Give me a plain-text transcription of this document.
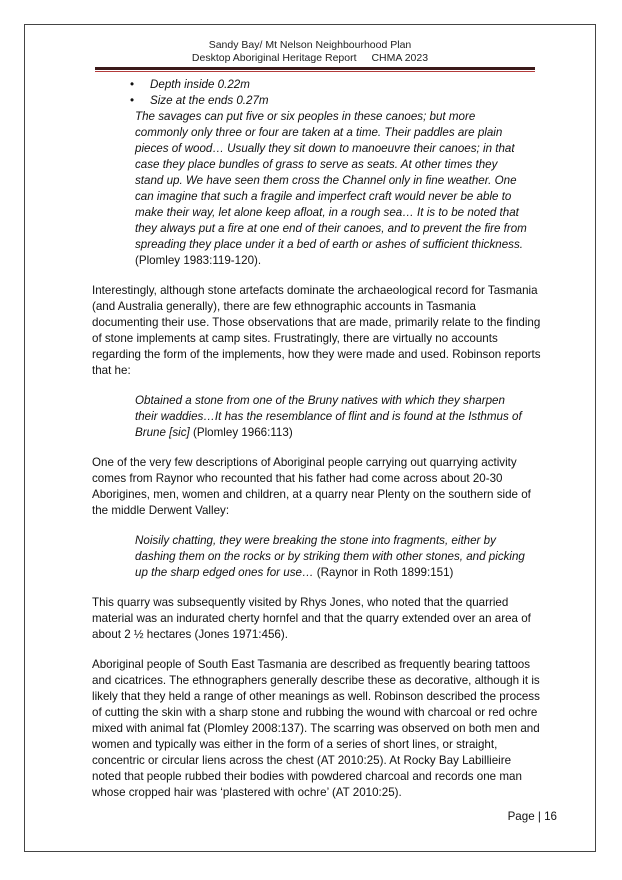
Sandy Bay/ Mt Nelson Neighbourhood Plan
Desktop Aboriginal Heritage Report CHMA 2023
• Depth inside 0.22m
• Size at the ends 0.27m
The savages can put five or six peoples in these canoes; but more commonly only three or four are taken at a time. Their paddles are plain pieces of wood… Usually they sit down to manoeuvre their canoes; in that case they place bundles of grass to serve as seats. At other times they stand up. We have seen them cross the Channel only in fine weather. One can imagine that such a fragile and imperfect craft would never be able to make their way, let alone keep afloat, in a rough sea… It is to be noted that they always put a fire at one end of their canoes, and to prevent the fire from spreading they place under it a bed of earth or ashes of sufficient thickness. (Plomley 1983:119-120).

Interestingly, although stone artefacts dominate the archaeological record for Tasmania (and Australia generally), there are few ethnographic accounts in Tasmania documenting their use. Those observations that are made, primarily relate to the finding of stone implements at camp sites. Frustratingly, there are virtually no accounts regarding the form of the implements, how they were made and used. Robinson reports that he:

Obtained a stone from one of the Bruny natives with which they sharpen their waddies…It has the resemblance of flint and is found at the Isthmus of Brune [sic] (Plomley 1966:113)

One of the very few descriptions of Aboriginal people carrying out quarrying activity comes from Raynor who recounted that his father had come across about 20-30 Aborigines, men, women and children, at a quarry near Plenty on the southern side of the middle Derwent Valley:

Noisily chatting, they were breaking the stone into fragments, either by dashing them on the rocks or by striking them with other stones, and picking up the sharp edged ones for use… (Raynor in Roth 1899:151)

This quarry was subsequently visited by Rhys Jones, who noted that the quarried material was an indurated cherty hornfel and that the quarry extended over an area of about 2 ½ hectares (Jones 1971:456).

Aboriginal people of South East Tasmania are described as frequently bearing tattoos and cicatrices. The ethnographers generally describe these as decorative, although it is likely that they held a range of other meanings as well. Robinson described the process of cutting the skin with a sharp stone and rubbing the wound with charcoal or red ochre mixed with animal fat (Plomley 2008:137). The scarring was observed on both men and women and typically was either in the form of a series of short lines, or straight, concentric or circular liens across the chest (AT 2010:25). At Rocky Bay Labillieire noted that people rubbed their bodies with powdered charcoal and records one man whose cropped hair was ‘plastered with ochre’ (AT 2010:25).

Page | 16
